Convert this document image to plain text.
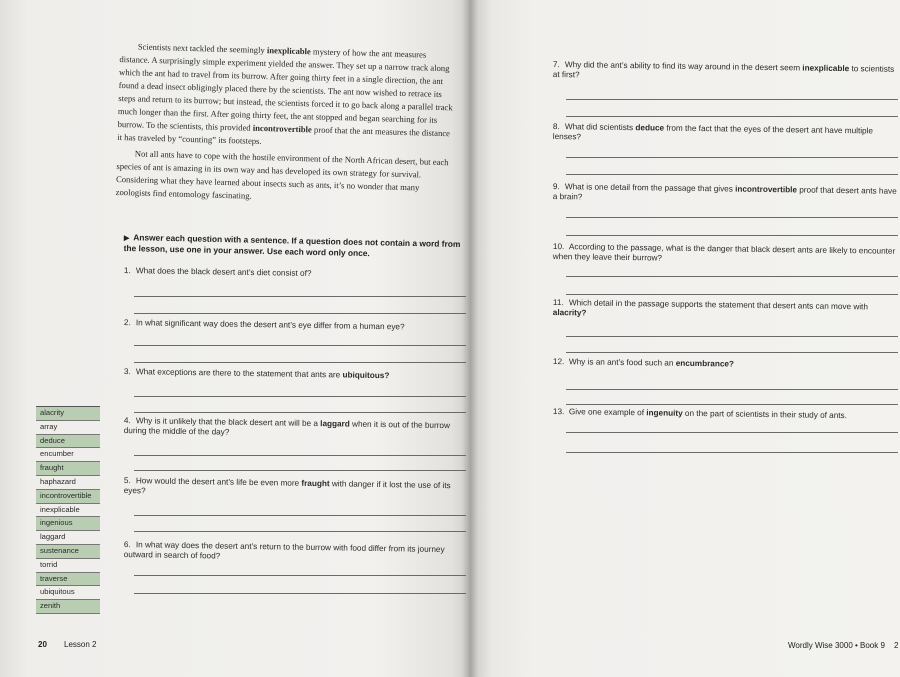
Scientists next tackled the seemingly inexplicable mystery of how the ant measures distance. A surprisingly simple experiment yielded the answer. They set up a narrow track along which the ant had to travel from its burrow. After going thirty feet in a single direction, the ant found a dead insect obligingly placed there by the scientists. The ant now wished to retrace its steps and return to its burrow; but instead, the scientists forced it to go back along a parallel track much longer than the first. After going thirty feet, the ant stopped and began searching for its burrow. To the scientists, this provided incontrovertible proof that the ant measures the distance it has traveled by “counting” its footsteps.

Not all ants have to cope with the hostile environment of the North African desert, but each species of ant is amazing in its own way and has developed its own strategy for survival. Considering what they have learned about insects such as ants, it’s no wonder that many zoologists find entomology fascinating.

▶ Answer each question with a sentence. If a question does not contain a word from the lesson, use one in your answer. Use each word only once.
alacrity
array
deduce
encumber
fraught
haphazard
incontrovertible
inexplicable
ingenious
laggard
sustenance
torrid
traverse
ubiquitous
zenith
20 Lesson 2
1. What does the black desert ant’s diet consist of?
2. In what significant way does the desert ant’s eye differ from a human eye?
3. What exceptions are there to the statement that ants are ubiquitous?
4. Why is it unlikely that the black desert ant will be a laggard when it is out of the burrow during the middle of the day?
5. How would the desert ant’s life be even more fraught with danger if it lost the use of its eyes?
6. In what way does the desert ant’s return to the burrow with food differ from its journey outward in search of food?
7. Why did the ant’s ability to find its way around in the desert seem inexplicable to scientists at first?
8. What did scientists deduce from the fact that the eyes of the desert ant have multiple lenses?
9. What is one detail from the passage that gives incontrovertible proof that desert ants have a brain?
10. According to the passage, what is the danger that black desert ants are likely to encounter when they leave their burrow?
11. Which detail in the passage supports the statement that desert ants can move with alacrity?
12. Why is an ant’s food such an encumbrance?
13. Give one example of ingenuity on the part of scientists in their study of ants.
Wordly Wise 3000 • Book 9 2
